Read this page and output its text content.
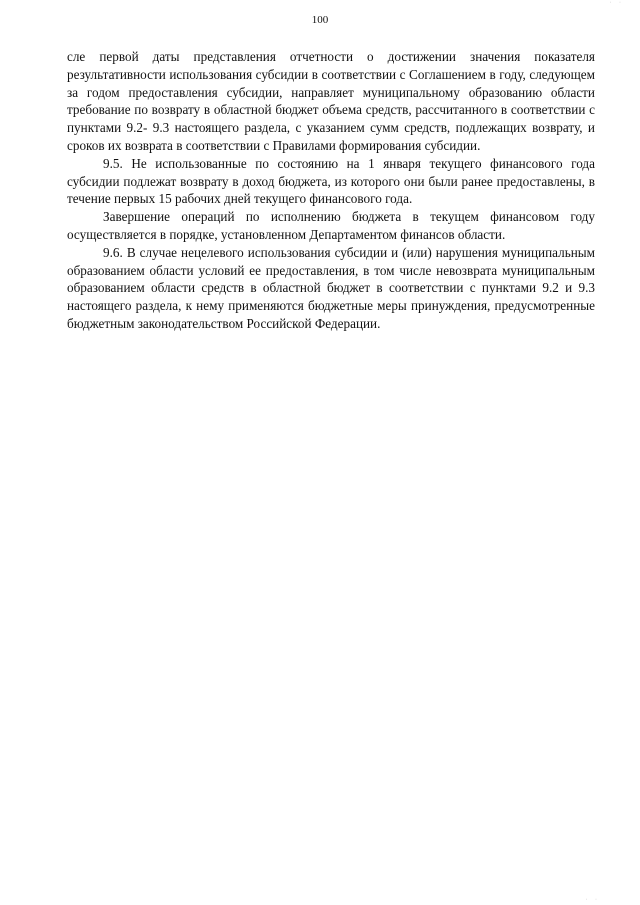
· ·
100

сле первой даты представления отчетности о достижении значения показателя результативности использования субсидии в соответствии с Соглашением в году, следующем за годом предоставления субсидии, направляет муниципальному образованию области требование по возврату в областной бюджет объема средств, рассчитанного в соответствии с пунктами 9.2- 9.3 настоящего раздела, с указанием сумм средств, подлежащих возврату, и сроков их возврата в соответствии с Правилами формирования субсидии.

9.5. Не использованные по состоянию на 1 января текущего финансового года субсидии подлежат возврату в доход бюджета, из которого они были ранее предоставлены, в течение первых 15 рабочих дней текущего финансового года.

Завершение операций по исполнению бюджета в текущем финансовом году осуществляется в порядке, установленном Департаментом финансов области.

9.6. В случае нецелевого использования субсидии и (или) нарушения муниципальным образованием области условий ее предоставления, в том числе невозврата муниципальным образованием области средств в областной бюджет в соответствии с пунктами 9.2 и 9.3 настоящего раздела, к нему применяются бюджетные меры принуждения, предусмотренные бюджетным законодательством Российской Федерации.

· ·
